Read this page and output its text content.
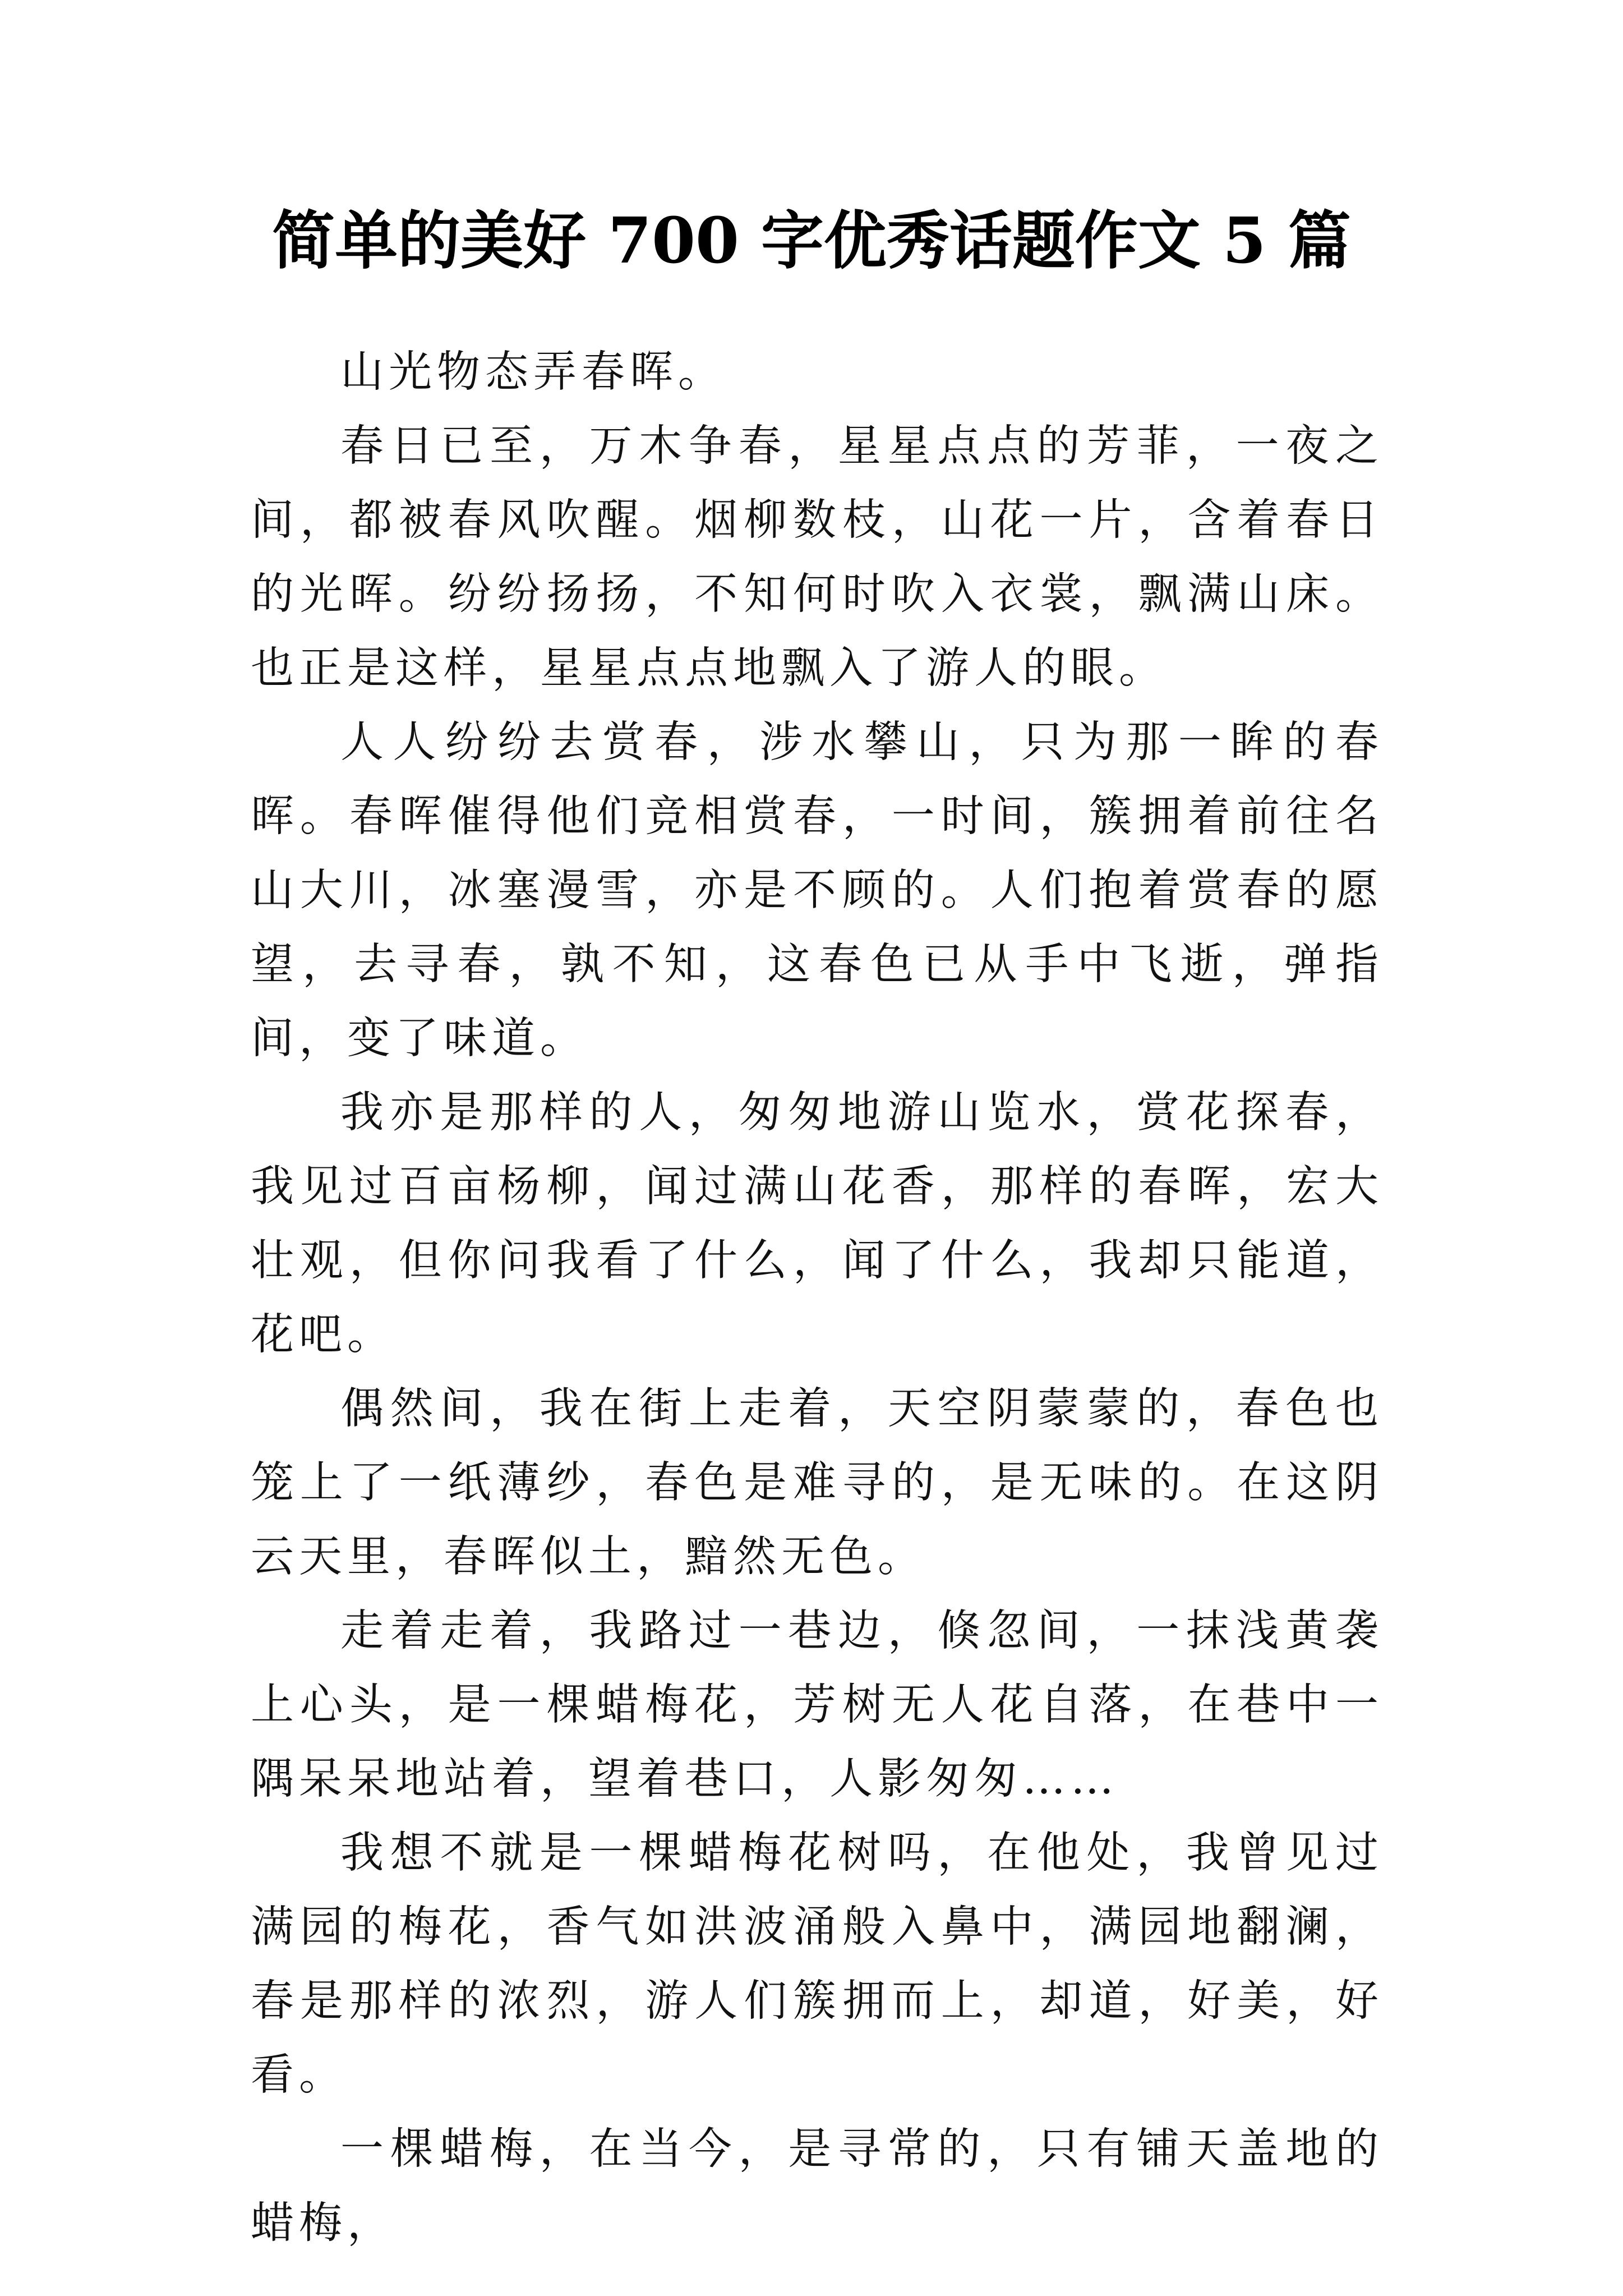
简单的美好 700 字优秀话题作文 5 篇

山光物态弄春晖。

春日已至，万木争春，星星点点的芳菲，一夜之间，都被春风吹醒。烟柳数枝，山花一片，含着春日的光晖。纷纷扬扬，不知何时吹入衣裳，飘满山床。也正是这样，星星点点地飘入了游人的眼。

人人纷纷去赏春，涉水攀山，只为那一眸的春晖。春晖催得他们竞相赏春，一时间，簇拥着前往名山大川，冰塞漫雪，亦是不顾的。人们抱着赏春的愿望，去寻春，孰不知，这春色已从手中飞逝，弹指间，变了味道。

我亦是那样的人，匆匆地游山览水，赏花探春，我见过百亩杨柳，闻过满山花香，那样的春晖，宏大壮观，但你问我看了什么，闻了什么，我却只能道，花吧。

偶然间，我在街上走着，天空阴蒙蒙的，春色也笼上了一纸薄纱，春色是难寻的，是无味的。在这阴云天里，春晖似土，黯然无色。

走着走着，我路过一巷边，倏忽间，一抹浅黄袭上心头，是一棵蜡梅花，芳树无人花自落，在巷中一隅呆呆地站着，望着巷口，人影匆匆……

我想不就是一棵蜡梅花树吗，在他处，我曾见过满园的梅花，香气如洪波涌般入鼻中，满园地翻澜，春是那样的浓烈，游人们簇拥而上，却道，好美，好看。

一棵蜡梅，在当今，是寻常的，只有铺天盖地的蜡梅，
